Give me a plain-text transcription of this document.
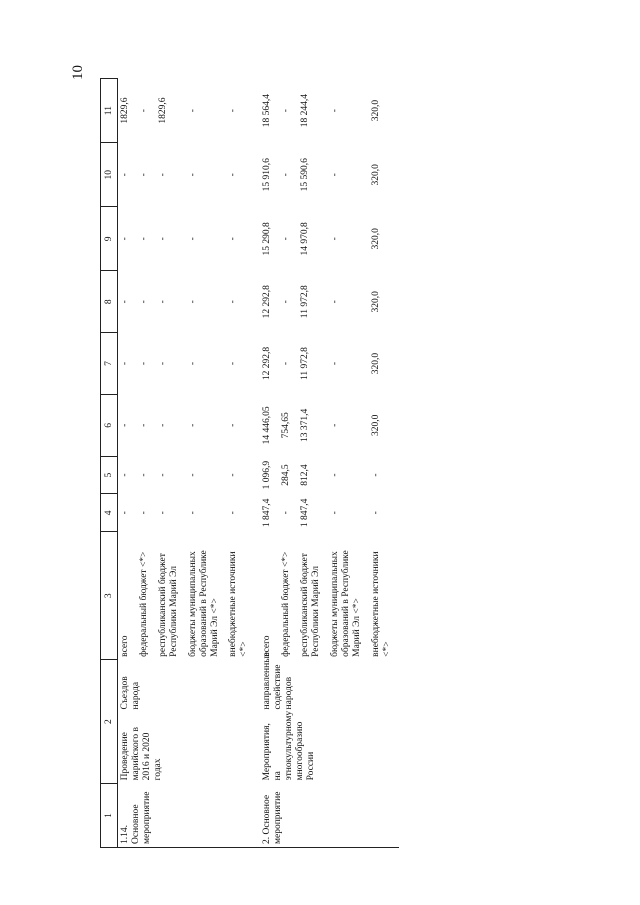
10
1	2		3	4	5	6	7	8	9	10	11
1.14. Основное мероприятие	Проведение марийского в 2016 и 2020 годах	Съездов народа	всего	-	-	-	-	-	-	-	1829,6
			федеральный бюджет <*>	-	-	-	-	-	-	-	-
			республиканский бюджет Республики Марий Эл	-	-	-	-	-	-	-	1829,6
			бюджеты муниципальных образований в Республике Марий Эл <*>	-	-	-	-	-	-	-	-
			внебюджетные источники <*>	-	-	-	-	-	-	-	-
2. Основное мероприятие	Мероприятия, на этнокультурному многообразию России	направленные содействие народов	всего	1 847,4	1 096,9	14 446,05	12 292,8	12 292,8	15 290,8	15 910,6	18 564,4
			федеральный бюджет <*>	-	284,5	754,65	-	-	-	-	-
			республиканский бюджет Республики Марий Эл	1 847,4	812,4	13 371,4	11 972,8	11 972,8	14 970,8	15 590,6	18 244,4
			бюджеты муниципальных образований в Республике Марий Эл <*>	-	-	-	-	-	-	-	-
			внебюджетные источники <*>	-	-	320,0	320,0	320,0	320,0	320,0	320,0
